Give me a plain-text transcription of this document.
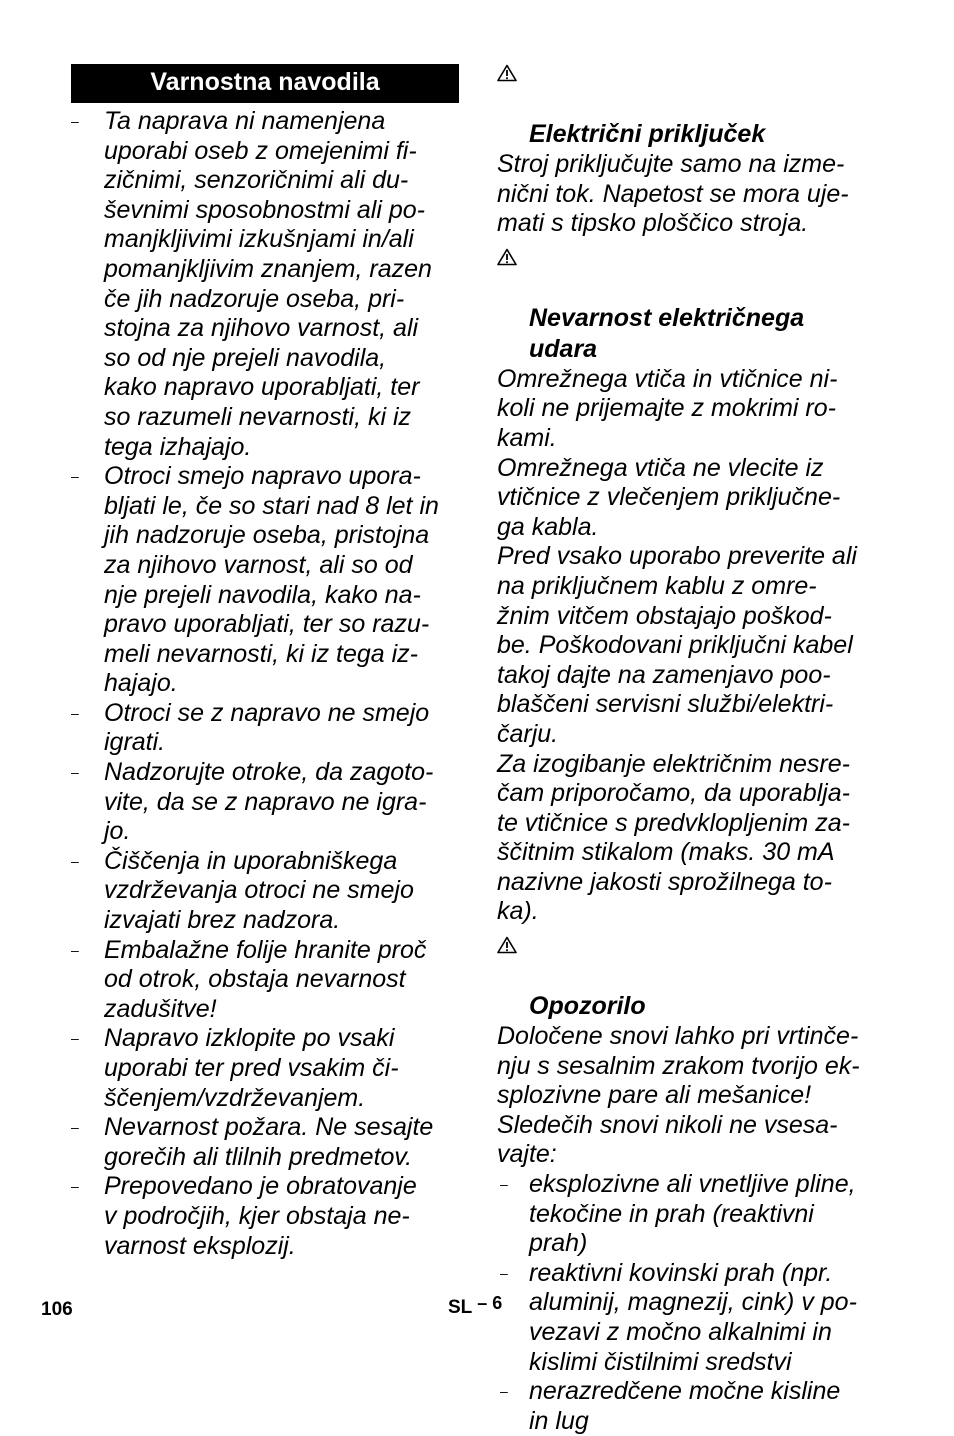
Varnostna navodila
– Ta naprava ni namenjena
uporabi oseb z omejenimi fi-
zičnimi, senzoričnimi ali du-
ševnimi sposobnostmi ali po-
manjkljivimi izkušnjami in/ali
pomanjkljivim znanjem, razen
če jih nadzoruje oseba, pri-
stojna za njihovo varnost, ali
so od nje prejeli navodila,
kako napravo uporabljati, ter
so razumeli nevarnosti, ki iz
tega izhajajo.
– Otroci smejo napravo upora-
bljati le, če so stari nad 8 let in
jih nadzoruje oseba, pristojna
za njihovo varnost, ali so od
nje prejeli navodila, kako na-
pravo uporabljati, ter so razu-
meli nevarnosti, ki iz tega iz-
hajajo.
– Otroci se z napravo ne smejo
igrati.
– Nadzorujte otroke, da zagoto-
vite, da se z napravo ne igra-
jo.
– Čiščenja in uporabniškega
vzdrževanja otroci ne smejo
izvajati brez nadzora.
– Embalažne folije hranite proč
od otrok, obstaja nevarnost
zadušitve!
– Napravo izklopite po vsaki
uporabi ter pred vsakim či-
ščenjem/vzdrževanjem.
– Nevarnost požara. Ne sesajte
gorečih ali tlilnih predmetov.
– Prepovedano je obratovanje
v področjih, kjer obstaja ne-
varnost eksplozij.

Električni priključek

Stroj priključujte samo na izme-
nični tok. Napetost se mora uje-
mati s tipsko ploščico stroja.

Nevarnost električnega
udara

Omrežnega vtiča in vtičnice ni-
koli ne prijemajte z mokrimi ro-
kami.
Omrežnega vtiča ne vlecite iz
vtičnice z vlečenjem priključne-
ga kabla.
Pred vsako uporabo preverite ali
na priključnem kablu z omre-
žnim vitčem obstajajo poškod-
be. Poškodovani priključni kabel
takoj dajte na zamenjavo poo-
blaščeni servisni službi/elektri-
čarju.
Za izogibanje električnim nesre-
čam priporočamo, da uporablja-
te vtičnice s predvklopljenim za-
ščitnim stikalom (maks. 30 mA
nazivne jakosti sprožilnega to-
ka).

Opozorilo

Določene snovi lahko pri vrtinče-
nju s sesalnim zrakom tvorijo ek-
splozivne pare ali mešanice!
Sledečih snovi nikoli ne vsesa-
vajte:
– eksplozivne ali vnetljive pline,
tekočine in prah (reaktivni
prah)
– reaktivni kovinski prah (npr.
aluminij, magnezij, cink) v po-
vezavi z močno alkalnimi in
kislimi čistilnimi sredstvi
– nerazredčene močne kisline
in lug
106	SL – 6
